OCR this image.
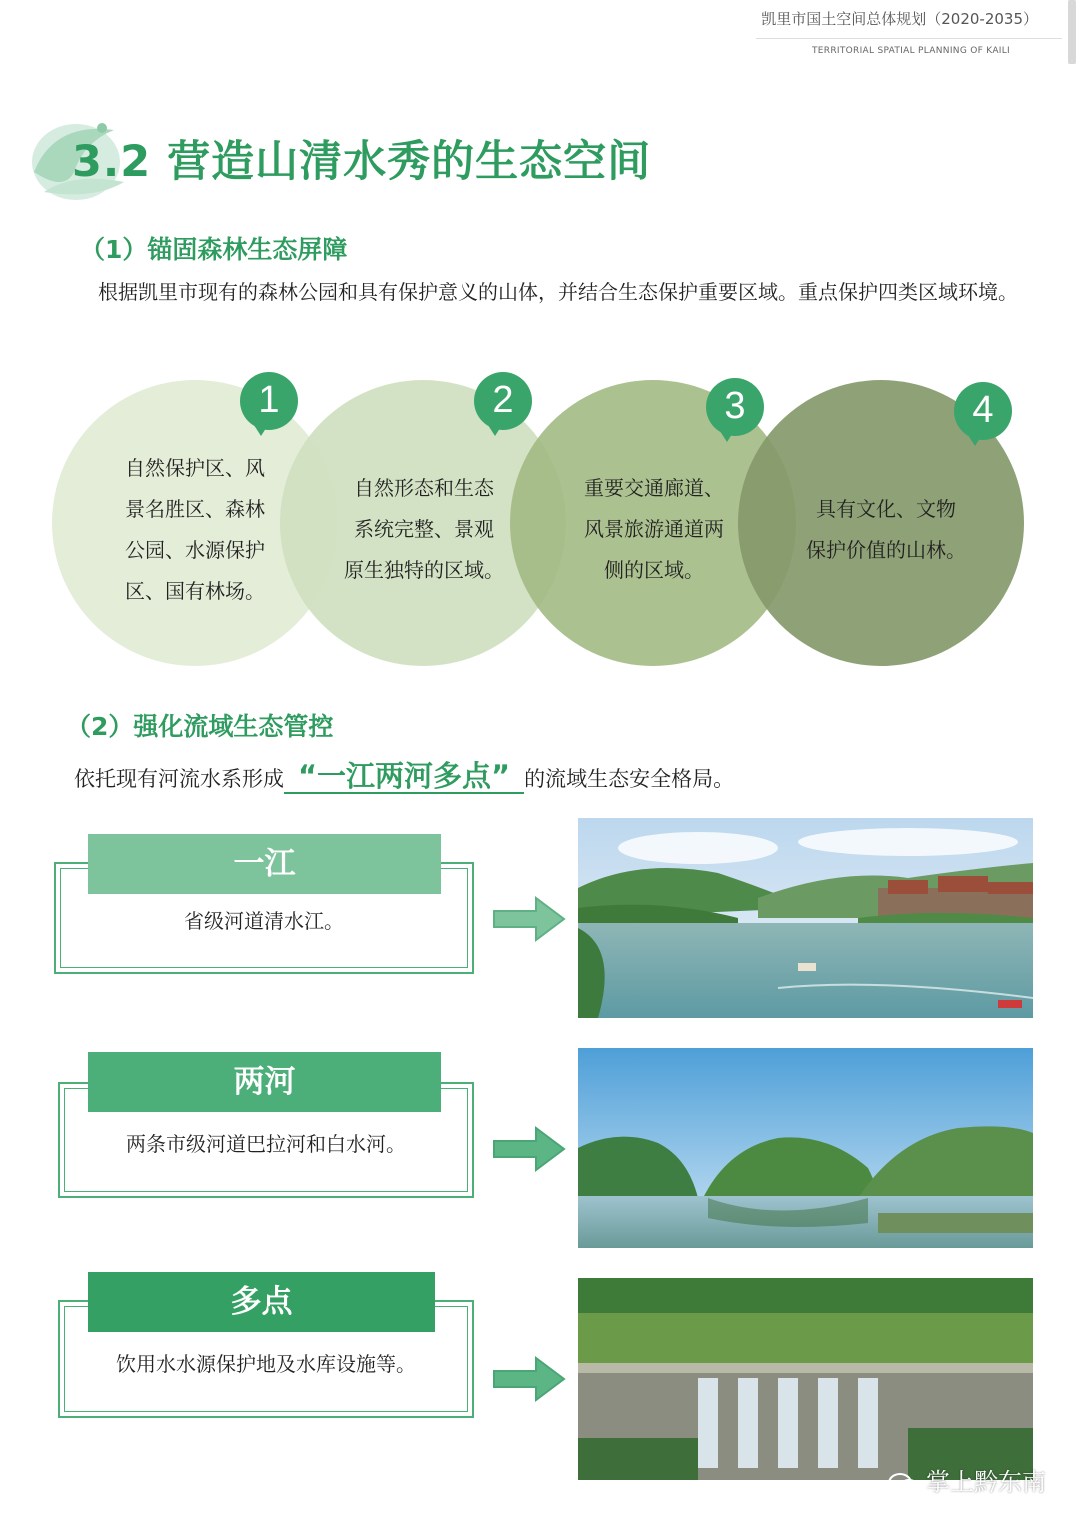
凯里市国土空间总体规划（2020-2035）
TERRITORIAL SPATIAL PLANNING OF KAILI
3.2 营造山清水秀的生态空间
（1）锚固森林生态屏障
根据凯里市现有的森林公园和具有保护意义的山体，并结合生态保护重要区域。重点保护四类区域环境。
自然保护区、风
景名胜区、森林
公园、水源保护
区、国有林场。
自然形态和生态
系统完整、景观
原生独特的区域。
重要交通廊道、
风景旅游通道两
侧的区域。
具有文化、文物
保护价值的山林。
1	2	3	4
（2）强化流域生态管控
依托现有河流水系形成 “一江两河多点” 的流域生态安全格局。
一江
省级河道清水江。
两河
两条市级河道巴拉河和白水河。
多点
饮用水水源保护地及水库设施等。
掌上黔东南
